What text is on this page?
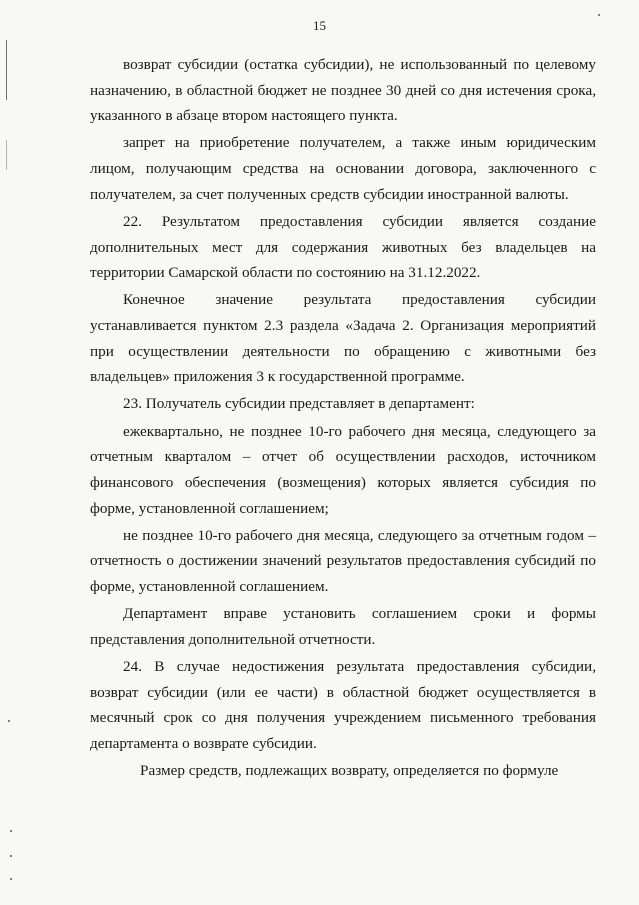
15

возврат субсидии (остатка субсидии), не использованный по целевому назначению, в областной бюджет не позднее 30 дней со дня истечения срока, указанного в абзаце втором настоящего пункта.

запрет на приобретение получателем, а также иным юридическим лицом, получающим средства на основании договора, заключенного с получателем, за счет полученных средств субсидии иностранной валюты.

22. Результатом предоставления субсидии является создание дополнительных мест для содержания животных без владельцев на территории Самарской области по состоянию на 31.12.2022.

Конечное значение результата предоставления субсидии устанавливается пунктом 2.3 раздела «Задача 2. Организация мероприятий при осуществлении деятельности по обращению с животными без владельцев» приложения 3 к государственной программе.

23. Получатель субсидии представляет в департамент:

ежеквартально, не позднее 10-го рабочего дня месяца, следующего за отчетным кварталом – отчет об осуществлении расходов, источником финансового обеспечения (возмещения) которых является субсидия по форме, установленной соглашением;

не позднее 10-го рабочего дня месяца, следующего за отчетным годом – отчетность о достижении значений результатов предоставления субсидий по форме, установленной соглашением.

Департамент вправе установить соглашением сроки и формы представления дополнительной отчетности.

24. В случае недостижения результата предоставления субсидии, возврат субсидии (или ее части) в областной бюджет осуществляется в месячный срок со дня получения учреждением письменного требования департамента о возврате субсидии.

Размер средств, подлежащих возврату, определяется по формуле
